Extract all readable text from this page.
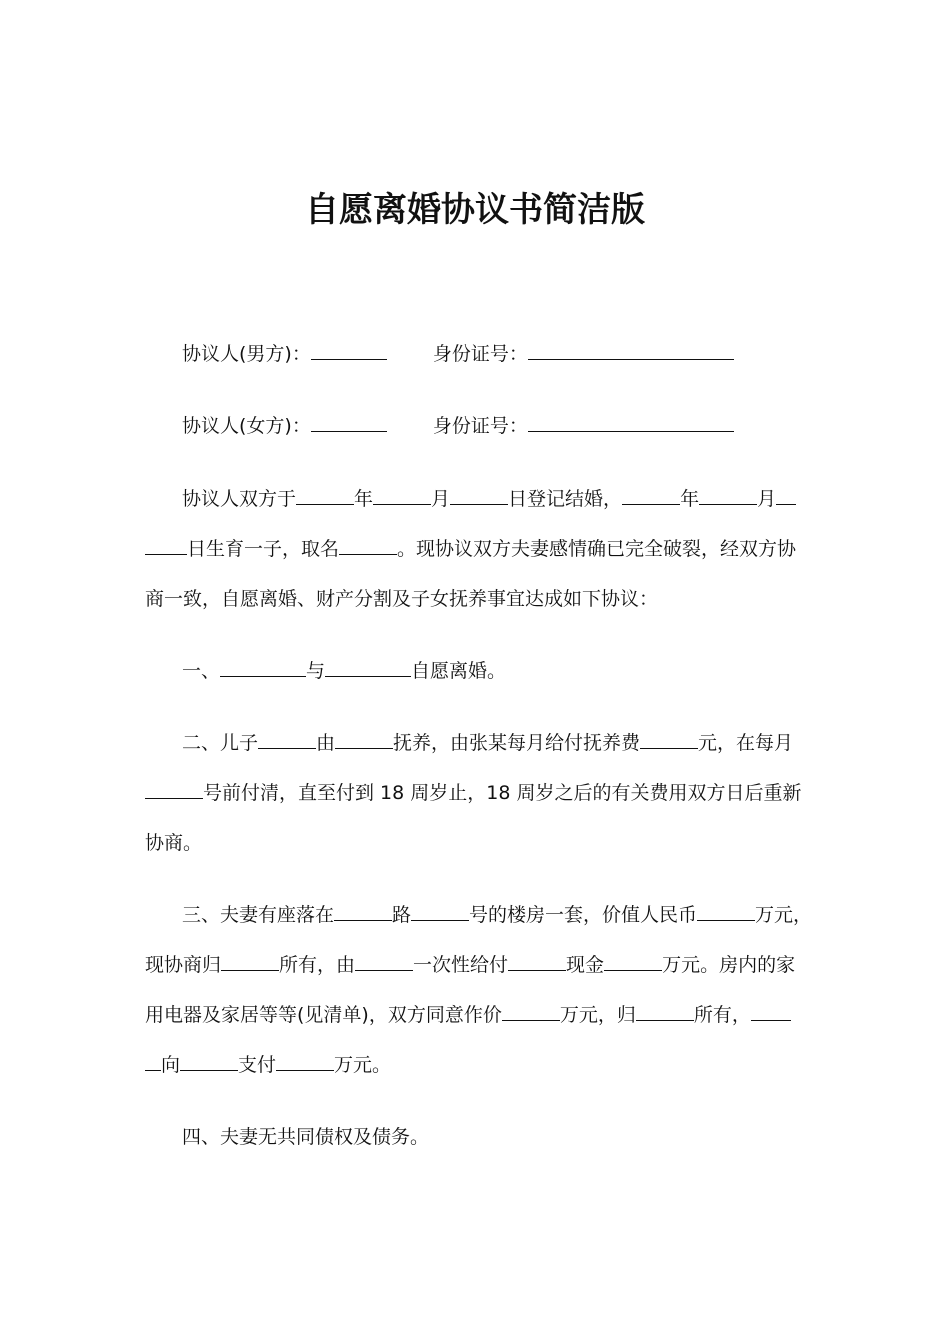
自愿离婚协议书简洁版
协议人(男方)：	身份证号：
协议人(女方)：	身份证号：
协议人双方于	年	月	日登记结婚，	年	月
日生育一子，取名	。现协议双方夫妻感情确已完全破裂，经双方协
商一致，自愿离婚、财产分割及子女抚养事宜达成如下协议：
一、	与	自愿离婚。
二、儿子	由	抚养，由张某每月给付抚养费	元，在每月
号前付清，直至付到 18 周岁止，18 周岁之后的有关费用双方日后重新
协商。
三、夫妻有座落在	路	号的楼房一套，价值人民币	万元，
现协商归	所有，由	一次性给付	现金	万元。房内的家
用电器及家居等等(见清单)，双方同意作价	万元，归	所有，
向	支付	万元。
四、夫妻无共同债权及债务。
